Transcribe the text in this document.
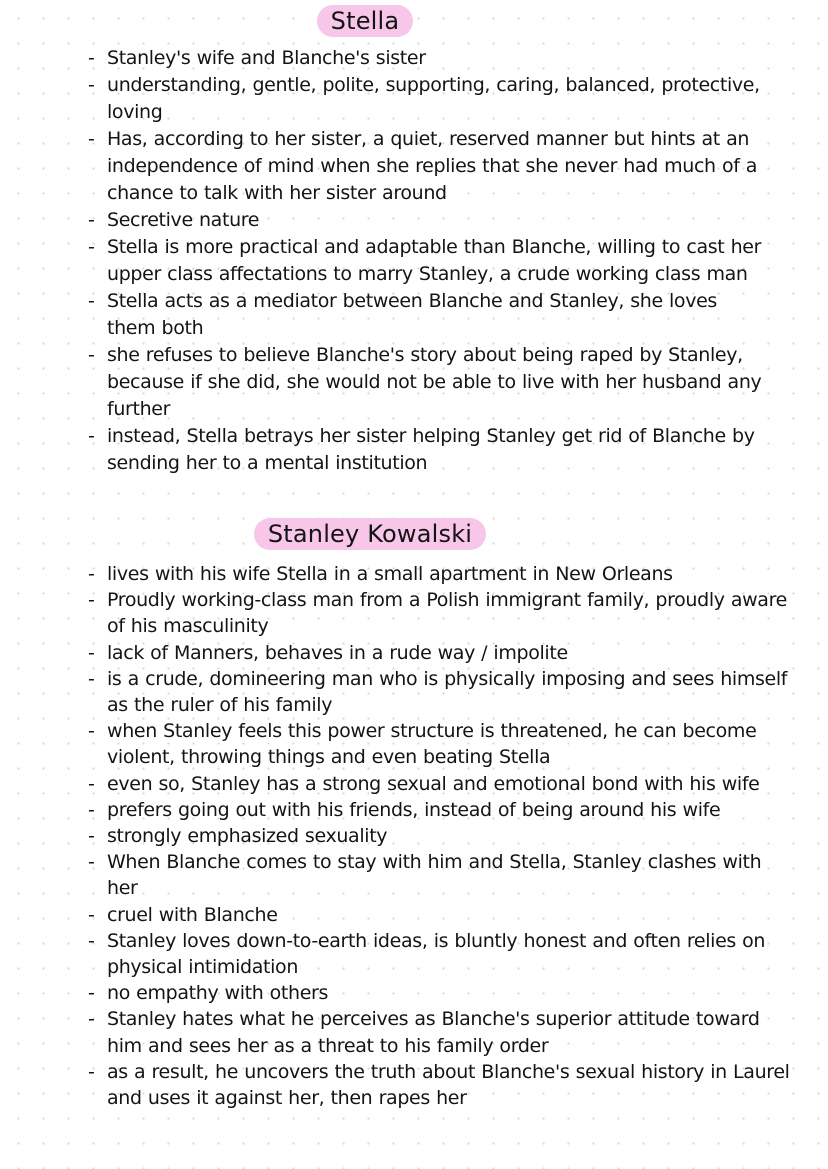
Stella
- Stanley's wife and Blanche's sister
- understanding, gentle, polite, supporting, caring, balanced, protective, loving
- Has, according to her sister, a quiet, reserved manner but hints at an independence of mind when she replies that she never had much of a chance to talk with her sister around
- Secretive nature
- Stella is more practical and adaptable than Blanche, willing to cast her upper class affectations to marry Stanley, a crude working class man
- Stella acts as a mediator between Blanche and Stanley, she loves them both
- she refuses to believe Blanche's story about being raped by Stanley, because if she did, she would not be able to live with her husband any further
- instead, Stella betrays her sister helping Stanley get rid of Blanche by sending her to a mental institution
Stanley Kowalski
- lives with his wife Stella in a small apartment in New Orleans
- Proudly working-class man from a Polish immigrant family, proudly aware of his masculinity
- lack of Manners, behaves in a rude way / impolite
- is a crude, domineering man who is physically imposing and sees himself as the ruler of his family
- when Stanley feels this power structure is threatened, he can become violent, throwing things and even beating Stella
- even so, Stanley has a strong sexual and emotional bond with his wife
- prefers going out with his friends, instead of being around his wife
- strongly emphasized sexuality
- When Blanche comes to stay with him and Stella, Stanley clashes with her
- cruel with Blanche
- Stanley loves down-to-earth ideas, is bluntly honest and often relies on physical intimidation
- no empathy with others
- Stanley hates what he perceives as Blanche's superior attitude toward him and sees her as a threat to his family order
- as a result, he uncovers the truth about Blanche's sexual history in Laurel and uses it against her, then rapes her
